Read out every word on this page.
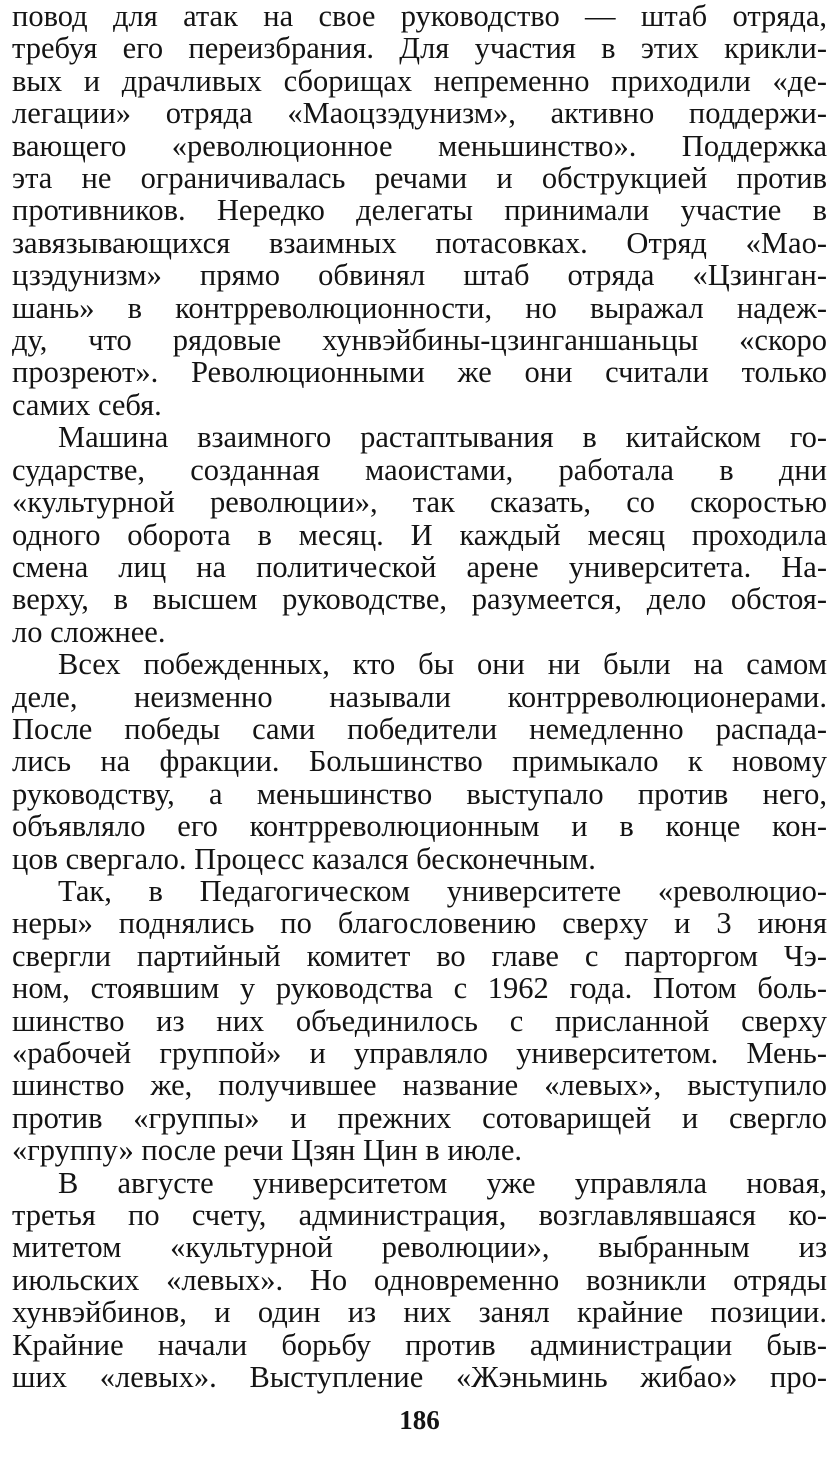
повод для атак на свое руководство — штаб отряда,
требуя его переизбрания. Для участия в этих крикли-
вых и драчливых сборищах непременно приходили «де-
легации» отряда «Маоцзэдунизм», активно поддержи-
вающего «революционное меньшинство». Поддержка
эта не ограничивалась речами и обструкцией против
противников. Нередко делегаты принимали участие в
завязывающихся взаимных потасовках. Отряд «Мао-
цзэдунизм» прямо обвинял штаб отряда «Цзинган-
шань» в контрреволюционности, но выражал надеж-
ду, что рядовые хунвэйбины-цзинганшаньцы «скоро
прозреют». Революционными же они считали только
самих себя.
Машина взаимного растаптывания в китайском го-
сударстве, созданная маоистами, работала в дни
«культурной революции», так сказать, со скоростью
одного оборота в месяц. И каждый месяц проходила
смена лиц на политической арене университета. На-
верху, в высшем руководстве, разумеется, дело обстоя-
ло сложнее.
Всех побежденных, кто бы они ни были на самом
деле, неизменно называли контрреволюционерами.
После победы сами победители немедленно распада-
лись на фракции. Большинство примыкало к новому
руководству, а меньшинство выступало против него,
объявляло его контрреволюционным и в конце кон-
цов свергало. Процесс казался бесконечным.
Так, в Педагогическом университете «революцио-
неры» поднялись по благословению сверху и 3 июня
свергли партийный комитет во главе с парторгом Чэ-
ном, стоявшим у руководства с 1962 года. Потом боль-
шинство из них объединилось с присланной сверху
«рабочей группой» и управляло университетом. Мень-
шинство же, получившее название «левых», выступило
против «группы» и прежних сотоварищей и свергло
«группу» после речи Цзян Цин в июле.
В августе университетом уже управляла новая,
третья по счету, администрация, возглавлявшаяся ко-
митетом «культурной революции», выбранным из
июльских «левых». Но одновременно возникли отряды
хунвэйбинов, и один из них занял крайние позиции.
Крайние начали борьбу против администрации быв-
ших «левых». Выступление «Жэньминь жибао» про-
186
